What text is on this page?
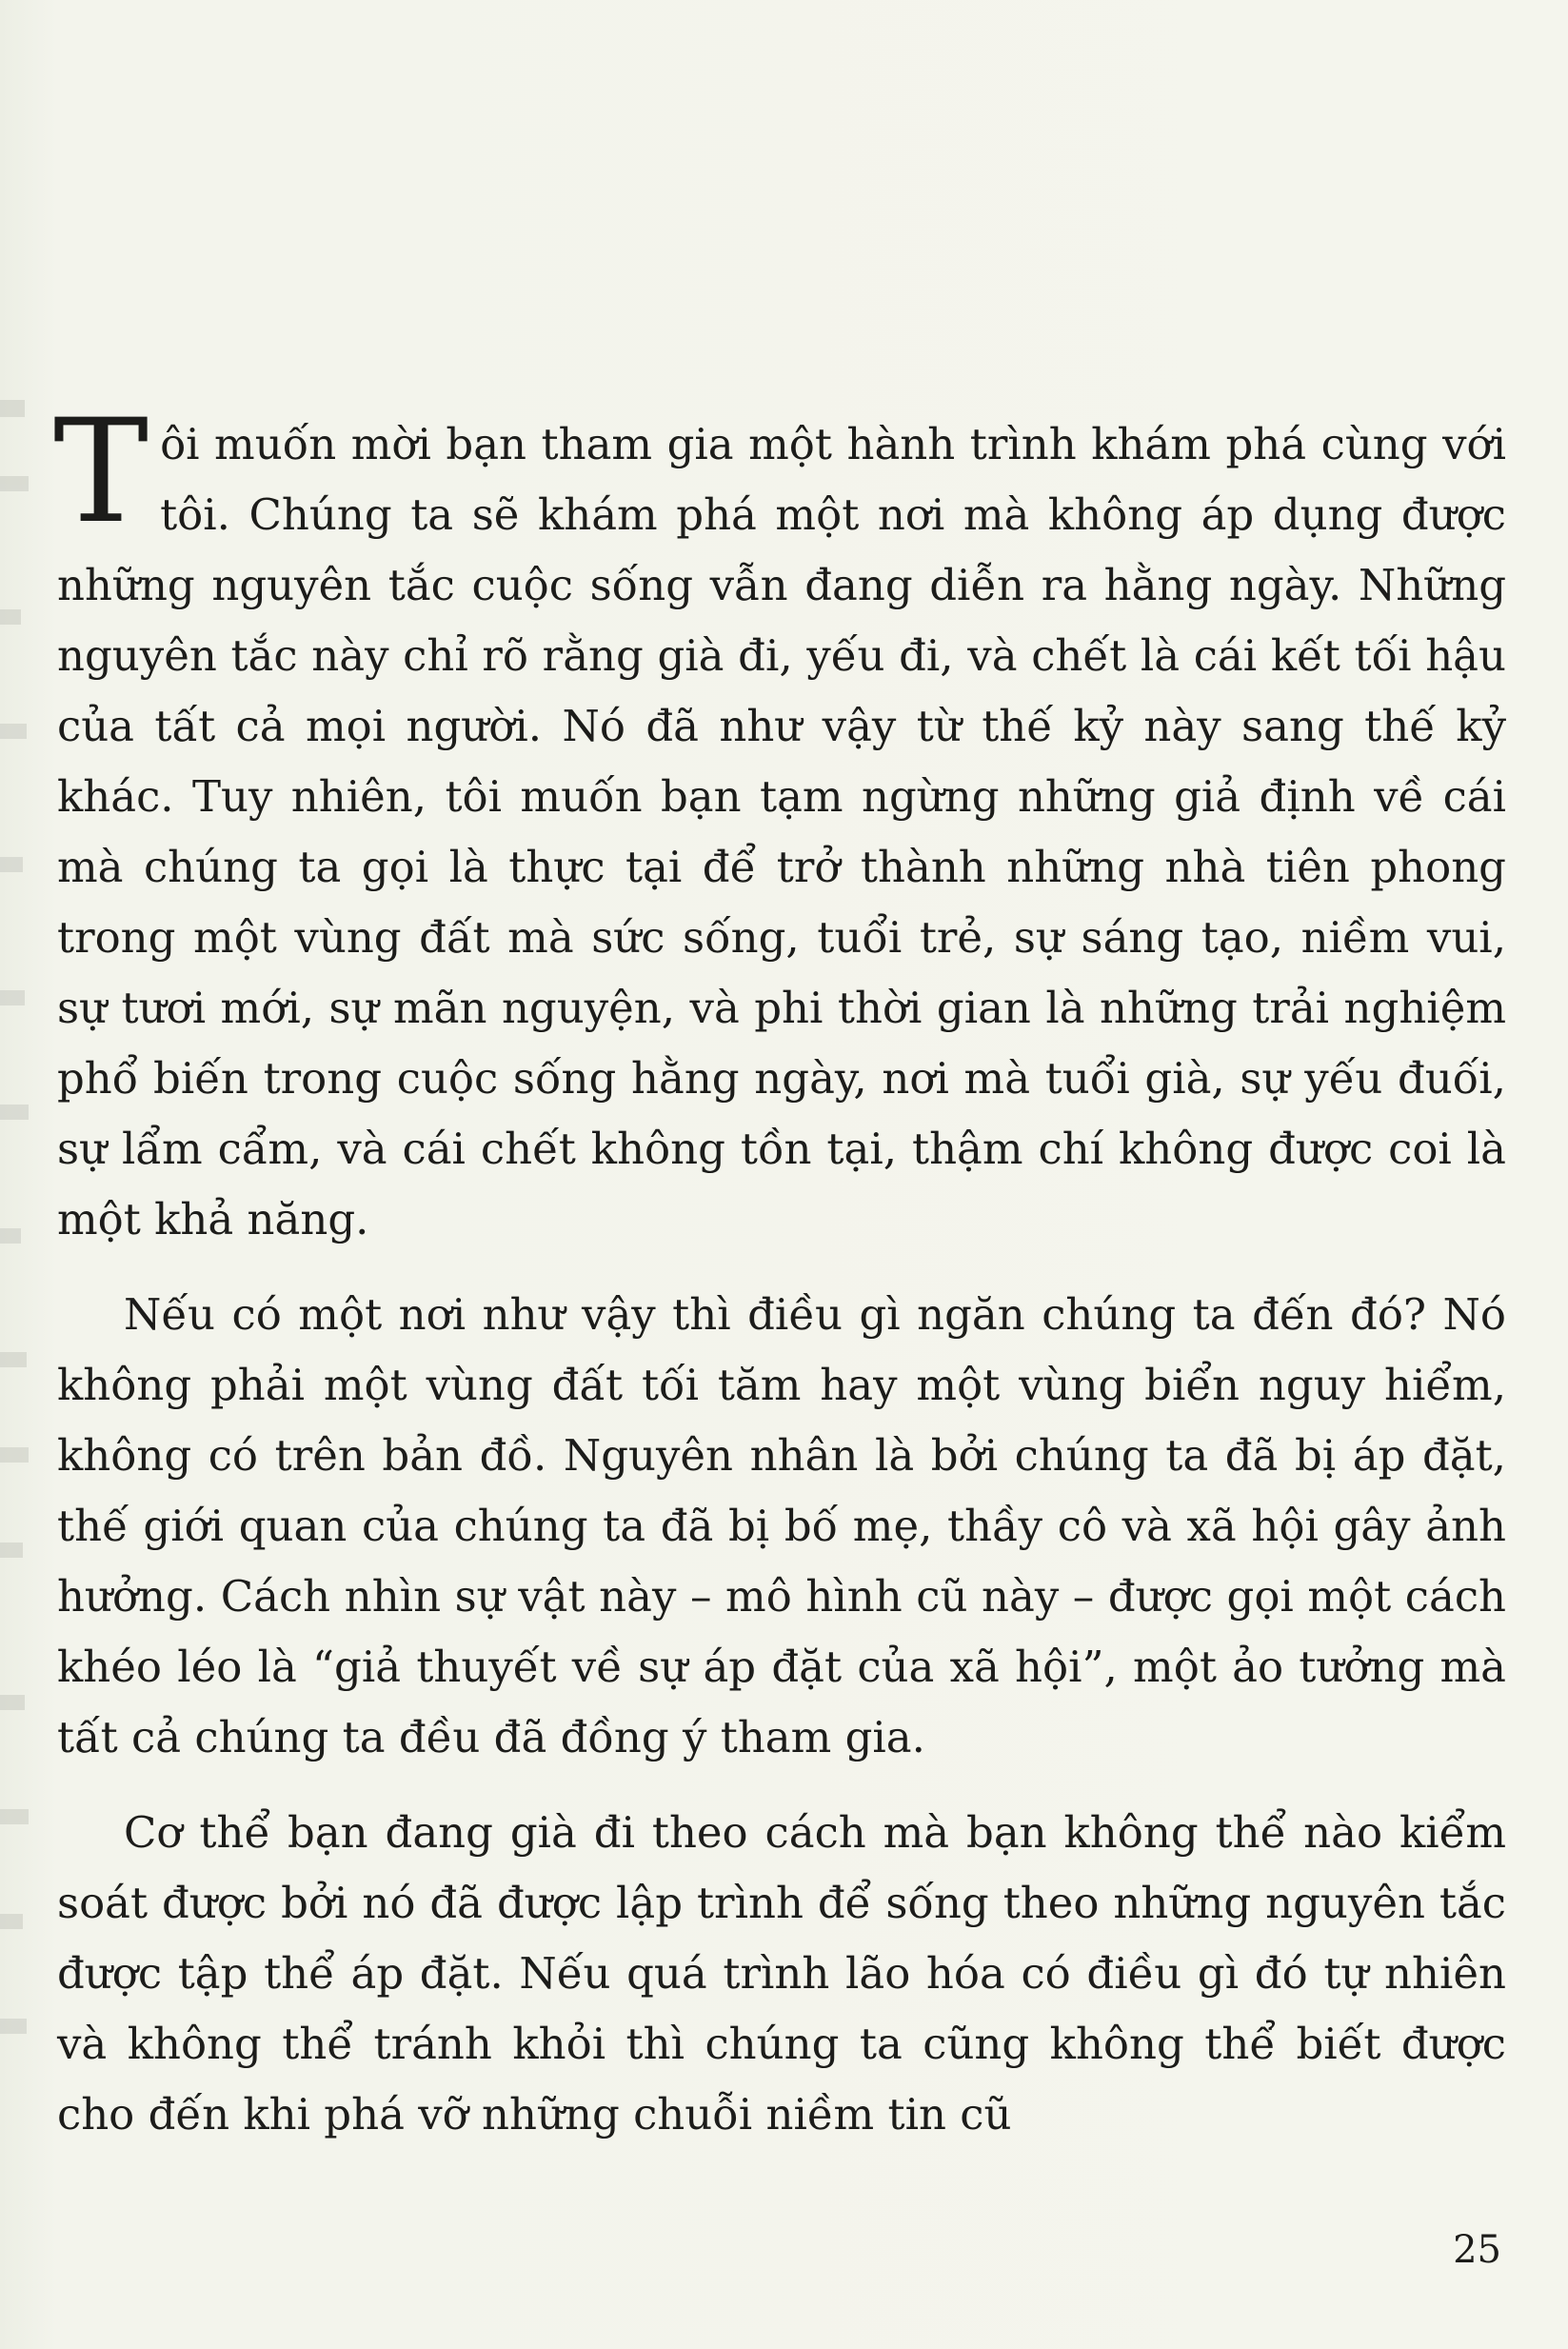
Tôi muốn mời bạn tham gia một hành trình khám phá cùng với tôi. Chúng ta sẽ khám phá một nơi mà không áp dụng được những nguyên tắc cuộc sống vẫn đang diễn ra hằng ngày. Những nguyên tắc này chỉ rõ rằng già đi, yếu đi, và chết là cái kết tối hậu của tất cả mọi người. Nó đã như vậy từ thế kỷ này sang thế kỷ khác. Tuy nhiên, tôi muốn bạn tạm ngừng những giả định về cái mà chúng ta gọi là thực tại để trở thành những nhà tiên phong trong một vùng đất mà sức sống, tuổi trẻ, sự sáng tạo, niềm vui, sự tươi mới, sự mãn nguyện, và phi thời gian là những trải nghiệm phổ biến trong cuộc sống hằng ngày, nơi mà tuổi già, sự yếu đuối, sự lẩm cẩm, và cái chết không tồn tại, thậm chí không được coi là một khả năng.

Nếu có một nơi như vậy thì điều gì ngăn chúng ta đến đó? Nó không phải một vùng đất tối tăm hay một vùng biển nguy hiểm, không có trên bản đồ. Nguyên nhân là bởi chúng ta đã bị áp đặt, thế giới quan của chúng ta đã bị bố mẹ, thầy cô và xã hội gây ảnh hưởng. Cách nhìn sự vật này – mô hình cũ này – được gọi một cách khéo léo là “giả thuyết về sự áp đặt của xã hội”, một ảo tưởng mà tất cả chúng ta đều đã đồng ý tham gia.

Cơ thể bạn đang già đi theo cách mà bạn không thể nào kiểm soát được bởi nó đã được lập trình để sống theo những nguyên tắc được tập thể áp đặt. Nếu quá trình lão hóa có điều gì đó tự nhiên và không thể tránh khỏi thì chúng ta cũng không thể biết được cho đến khi phá vỡ những chuỗi niềm tin cũ

25
